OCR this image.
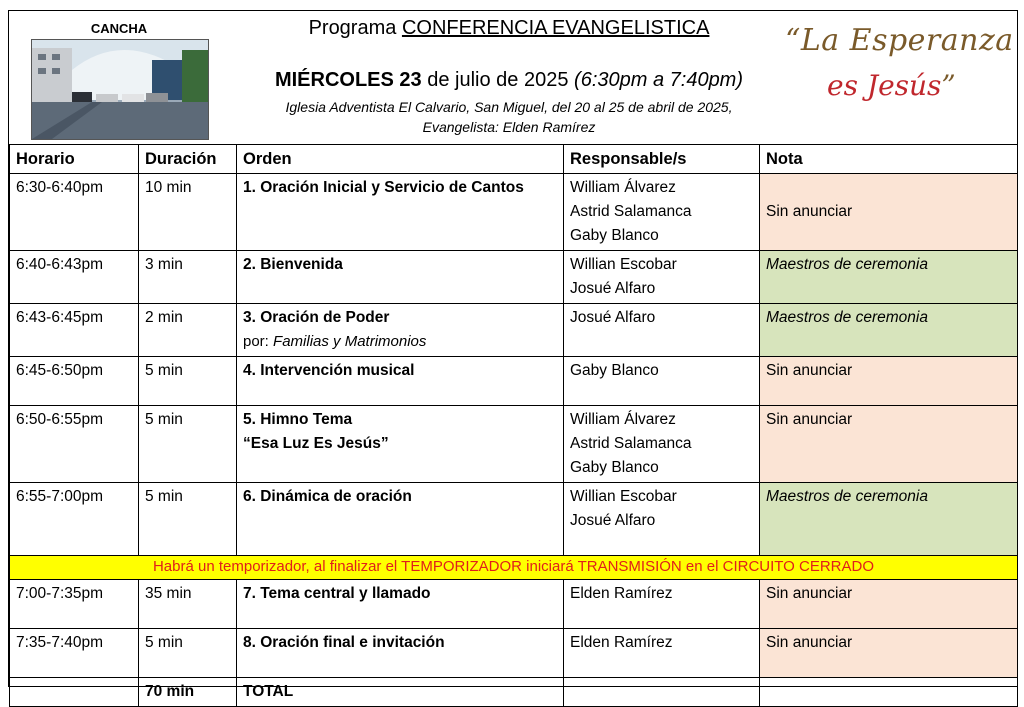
CANCHA	Programa CONFERENCIA EVANGELISTICA
MIÉRCOLES 23 de julio de 2025 (6:30pm a 7:40pm)
Iglesia Adventista El Calvario, San Miguel, del 20 al 25 de abril de 2025,
Evangelista: Elden Ramírez
“La Esperanza
es Jesús”
Horario	Duración	Orden	Responsable/s	Nota
6:30-6:40pm	10 min	1. Oración Inicial y Servicio de Cantos	William Álvarez
Astrid Salamanca
Gaby Blanco	Sin anunciar
6:40-6:43pm	3 min	2. Bienvenida	Willian Escobar
Josué Alfaro	Maestros de ceremonia
6:43-6:45pm	2 min	3. Oración de Poder
por: Familias y Matrimonios	Josué Alfaro	Maestros de ceremonia
6:45-6:50pm	5 min	4. Intervención musical	Gaby Blanco	Sin anunciar
6:50-6:55pm	5 min	5. Himno Tema
“Esa Luz Es Jesús”	William Álvarez
Astrid Salamanca
Gaby Blanco	Sin anunciar
6:55-7:00pm	5 min	6. Dinámica de oración	Willian Escobar
Josué Alfaro	Maestros de ceremonia
Habrá un temporizador, al finalizar el TEMPORIZADOR iniciará TRANSMISIÓN en el CIRCUITO CERRADO				
7:00-7:35pm	35 min	7. Tema central y llamado	Elden Ramírez	Sin anunciar
7:35-7:40pm	5 min	8. Oración final e invitación	Elden Ramírez	Sin anunciar
	70 min	TOTAL		
